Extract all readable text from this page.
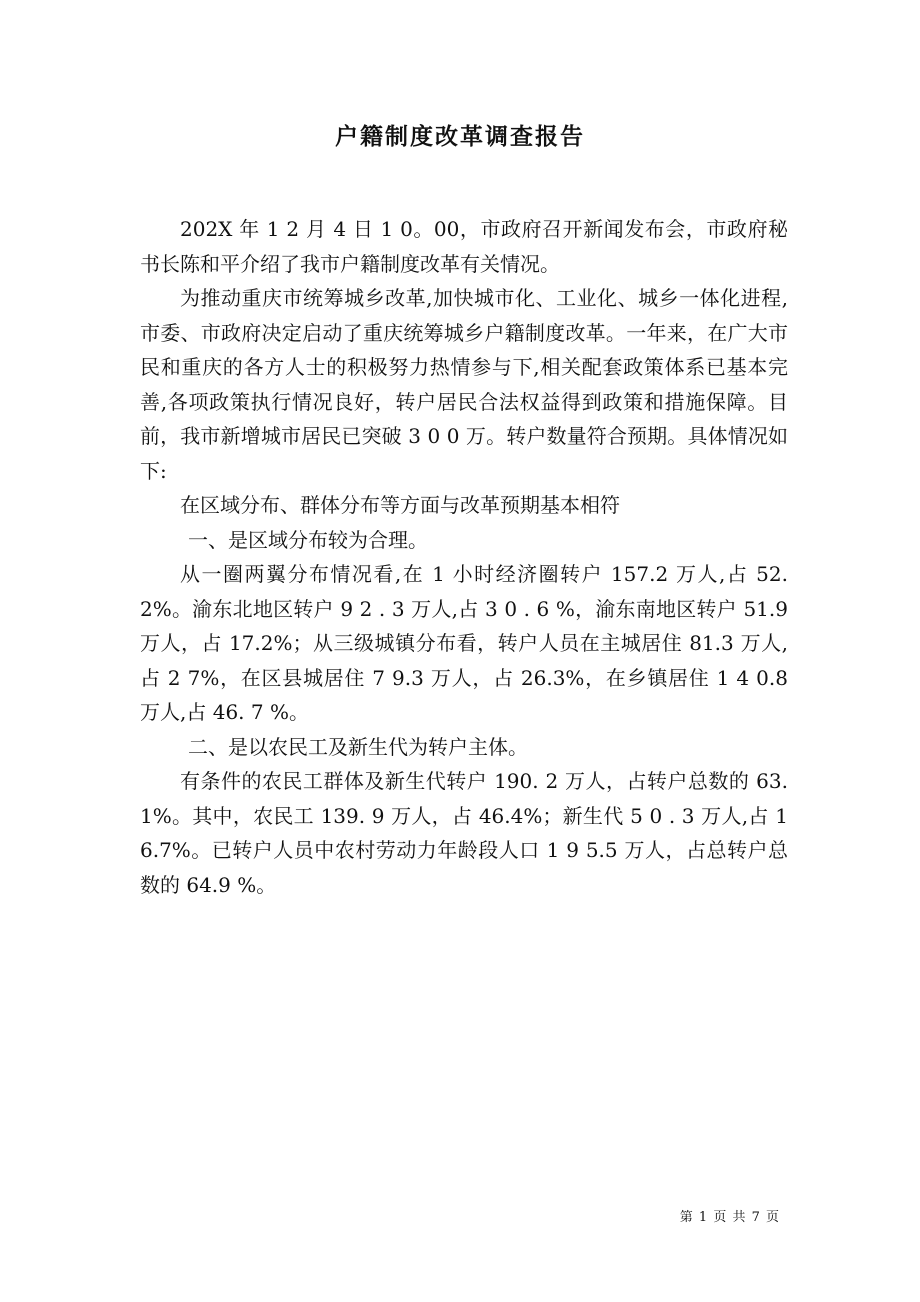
户籍制度改革调查报告

202X 年 1 2 月 4 日 1 0。00，市政府召开新闻发布会，市政府秘书长陈和平介绍了我市户籍制度改革有关情况。

为推动重庆市统筹城乡改革,加快城市化、工业化、城乡一体化进程,市委、市政府决定启动了重庆统筹城乡户籍制度改革。一年来，在广大市民和重庆的各方人士的积极努力热情参与下,相关配套政策体系已基本完善,各项政策执行情况良好，转户居民合法权益得到政策和措施保障。目前，我市新增城市居民已突破 3 0 0 万。转户数量符合预期。具体情况如下:

在区域分布、群体分布等方面与改革预期基本相符

一、是区域分布较为合理。

从一圈两翼分布情况看,在 1 小时经济圈转户 157.2 万人,占 52.2%。渝东北地区转户 9 2 . 3 万人,占 3 0 . 6 %，渝东南地区转户 51.9 万人，占 17.2%；从三级城镇分布看，转户人员在主城居住 81.3 万人,占 2 7%，在区县城居住 7 9.3 万人，占 26.3%，在乡镇居住 1 4 0.8 万人,占 46. 7 %。

二、是以农民工及新生代为转户主体。

有条件的农民工群体及新生代转户 190. 2 万人，占转户总数的 63.1%。其中，农民工 139. 9 万人，占 46.4%；新生代 5 0 . 3 万人,占 16.7%。已转户人员中农村劳动力年龄段人口 1 9 5.5 万人，占总转户总数的 64.9 %。

第 1 页 共 7 页
